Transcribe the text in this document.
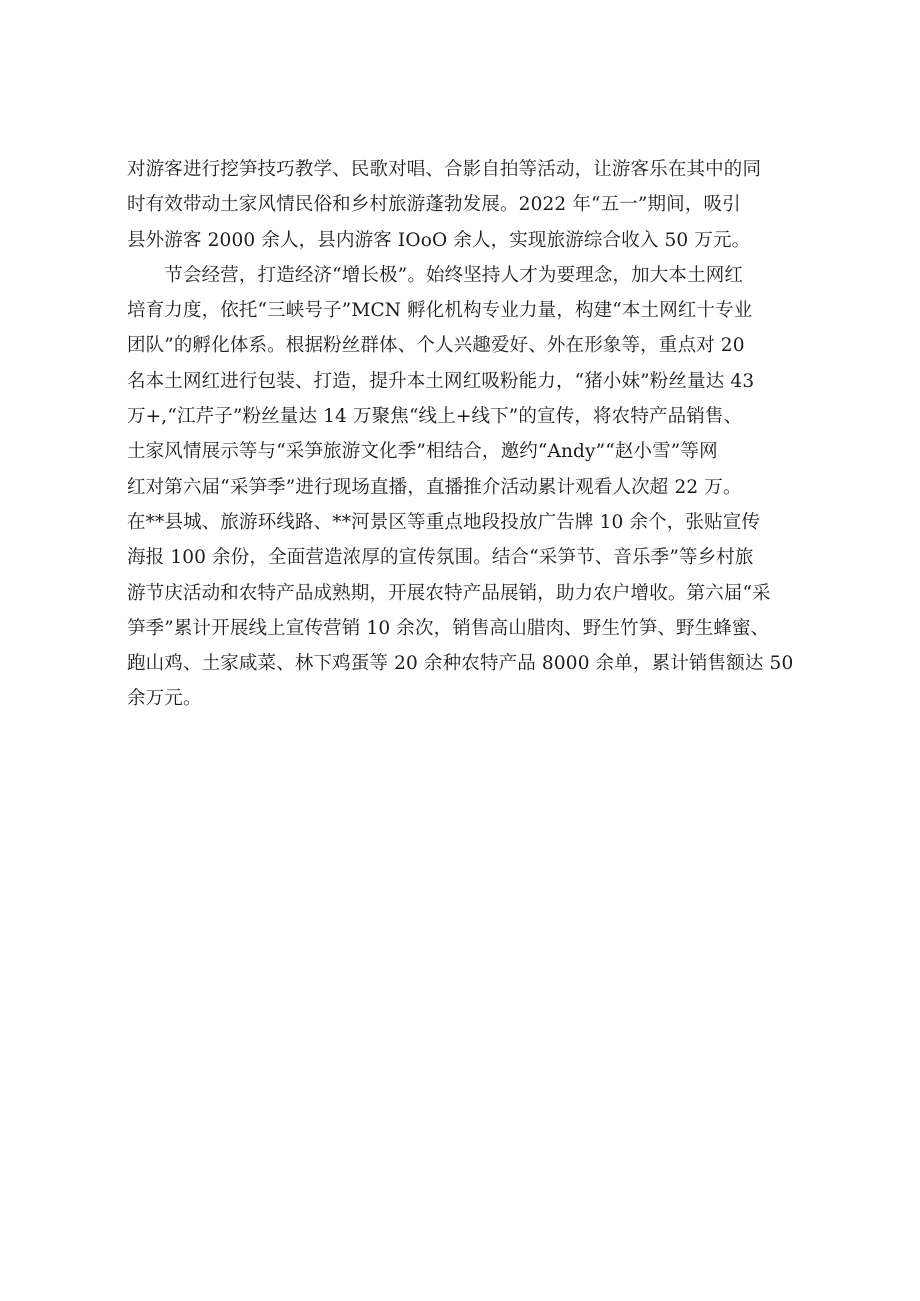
对游客进行挖笋技巧教学、民歌对唱、合影自拍等活动，让游客乐在其中的同
时有效带动土家风情民俗和乡村旅游蓬勃发展。2022 年“五一”期间，吸引
县外游客 2000 余人，县内游客 IOoO 余人，实现旅游综合收入 50 万元。
　　节会经营，打造经济“增长极”。始终坚持人才为要理念，加大本土网红
培育力度，依托“三峡号子”MCN 孵化机构专业力量，构建“本土网红十专业
团队”的孵化体系。根据粉丝群体、个人兴趣爱好、外在形象等，重点对 20
名本土网红进行包装、打造，提升本土网红吸粉能力，“猪小妹”粉丝量达 43
万+,“江芹子”粉丝量达 14 万聚焦“线上+线下”的宣传，将农特产品销售、
土家风情展示等与“采笋旅游文化季”相结合，邀约“Andy”“赵小雪”等网
红对第六届“采笋季”进行现场直播，直播推介活动累计观看人次超 22 万。
在**县城、旅游环线路、**河景区等重点地段投放广告牌 10 余个，张贴宣传
海报 100 余份，全面营造浓厚的宣传氛围。结合“采笋节、音乐季”等乡村旅
游节庆活动和农特产品成熟期，开展农特产品展销，助力农户增收。第六届“采
笋季”累计开展线上宣传营销 10 余次，销售高山腊肉、野生竹笋、野生蜂蜜、
跑山鸡、土家咸菜、林下鸡蛋等 20 余种农特产品 8000 余单，累计销售额达 50
余万元。
